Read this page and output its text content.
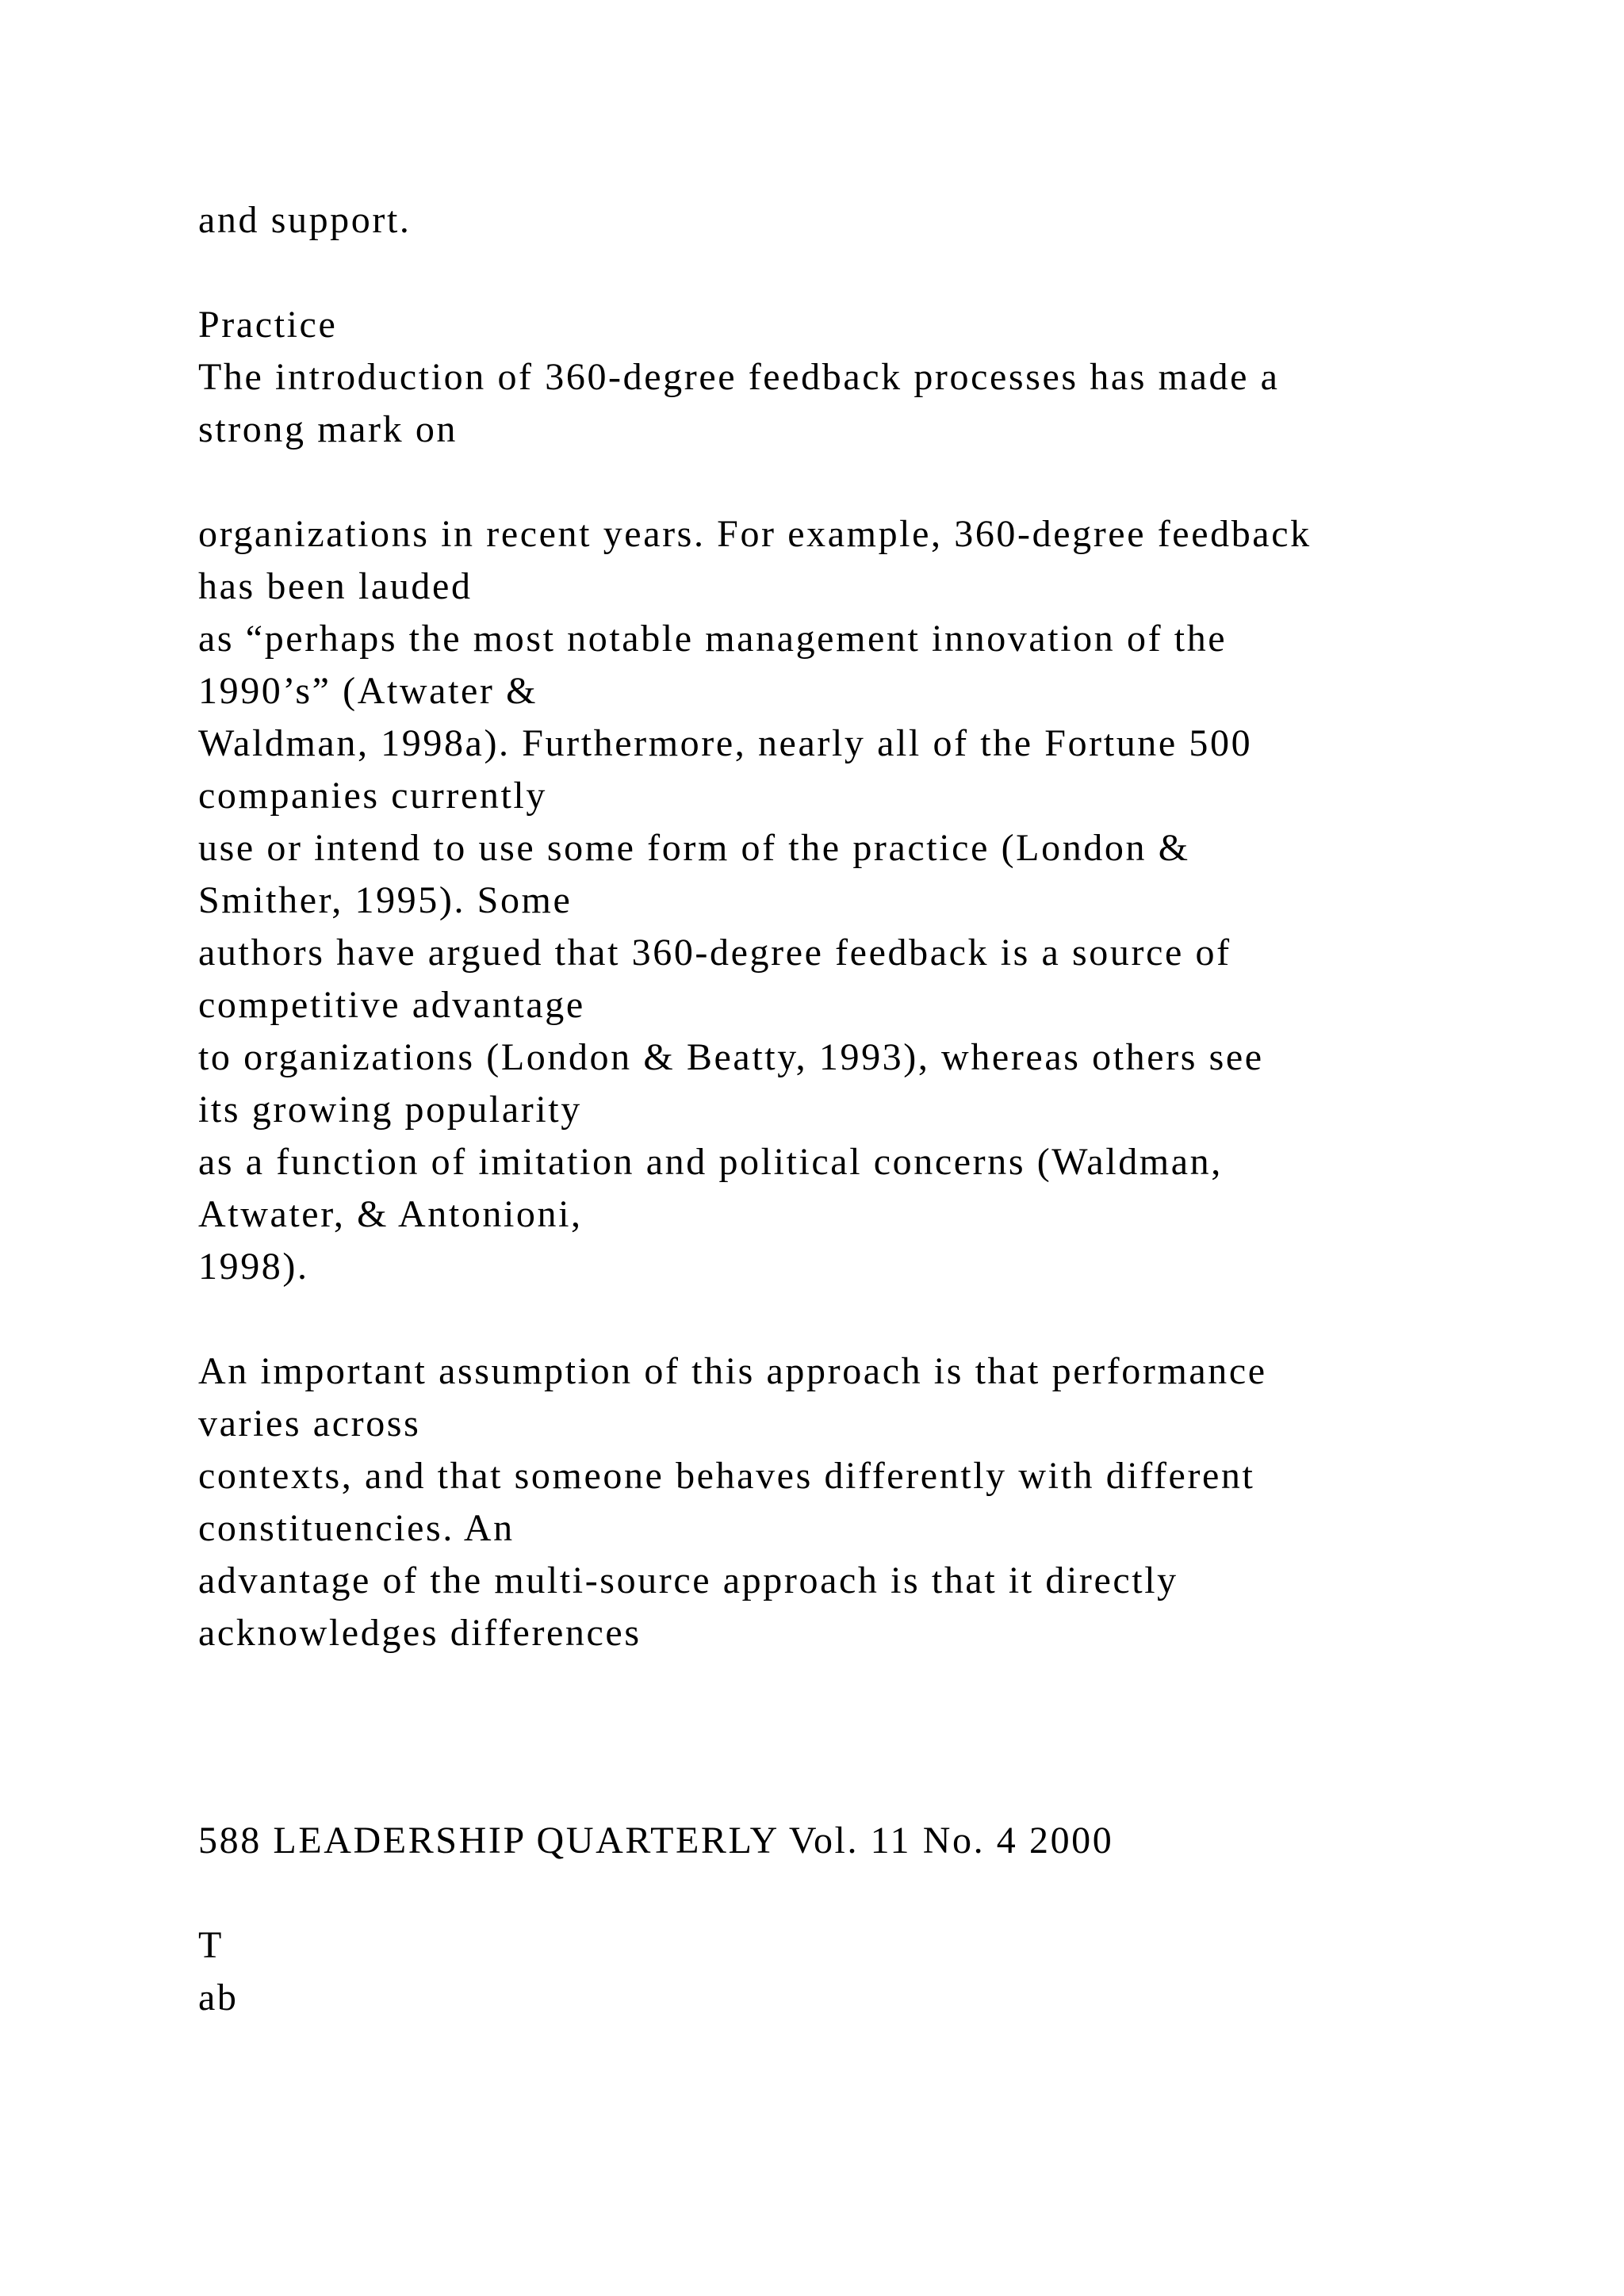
and support.

Practice

The introduction of 360-degree feedback processes has made a

strong mark on

organizations in recent years. For example, 360-degree feedback

has been lauded

as “perhaps the most notable management innovation of the

1990’s” (Atwater &

Waldman, 1998a). Furthermore, nearly all of the Fortune 500

companies currently

use or intend to use some form of the practice (London &

Smither, 1995). Some

authors have argued that 360-degree feedback is a source of

competitive advantage

to organizations (London & Beatty, 1993), whereas others see

its growing popularity

as a function of imitation and political concerns (Waldman,

Atwater, & Antonioni,

1998).

An important assumption of this approach is that performance

varies across

contexts, and that someone behaves differently with different

constituencies. An

advantage of the multi-source approach is that it directly

acknowledges differences

588 LEADERSHIP QUARTERLY Vol. 11 No. 4 2000

T

ab
